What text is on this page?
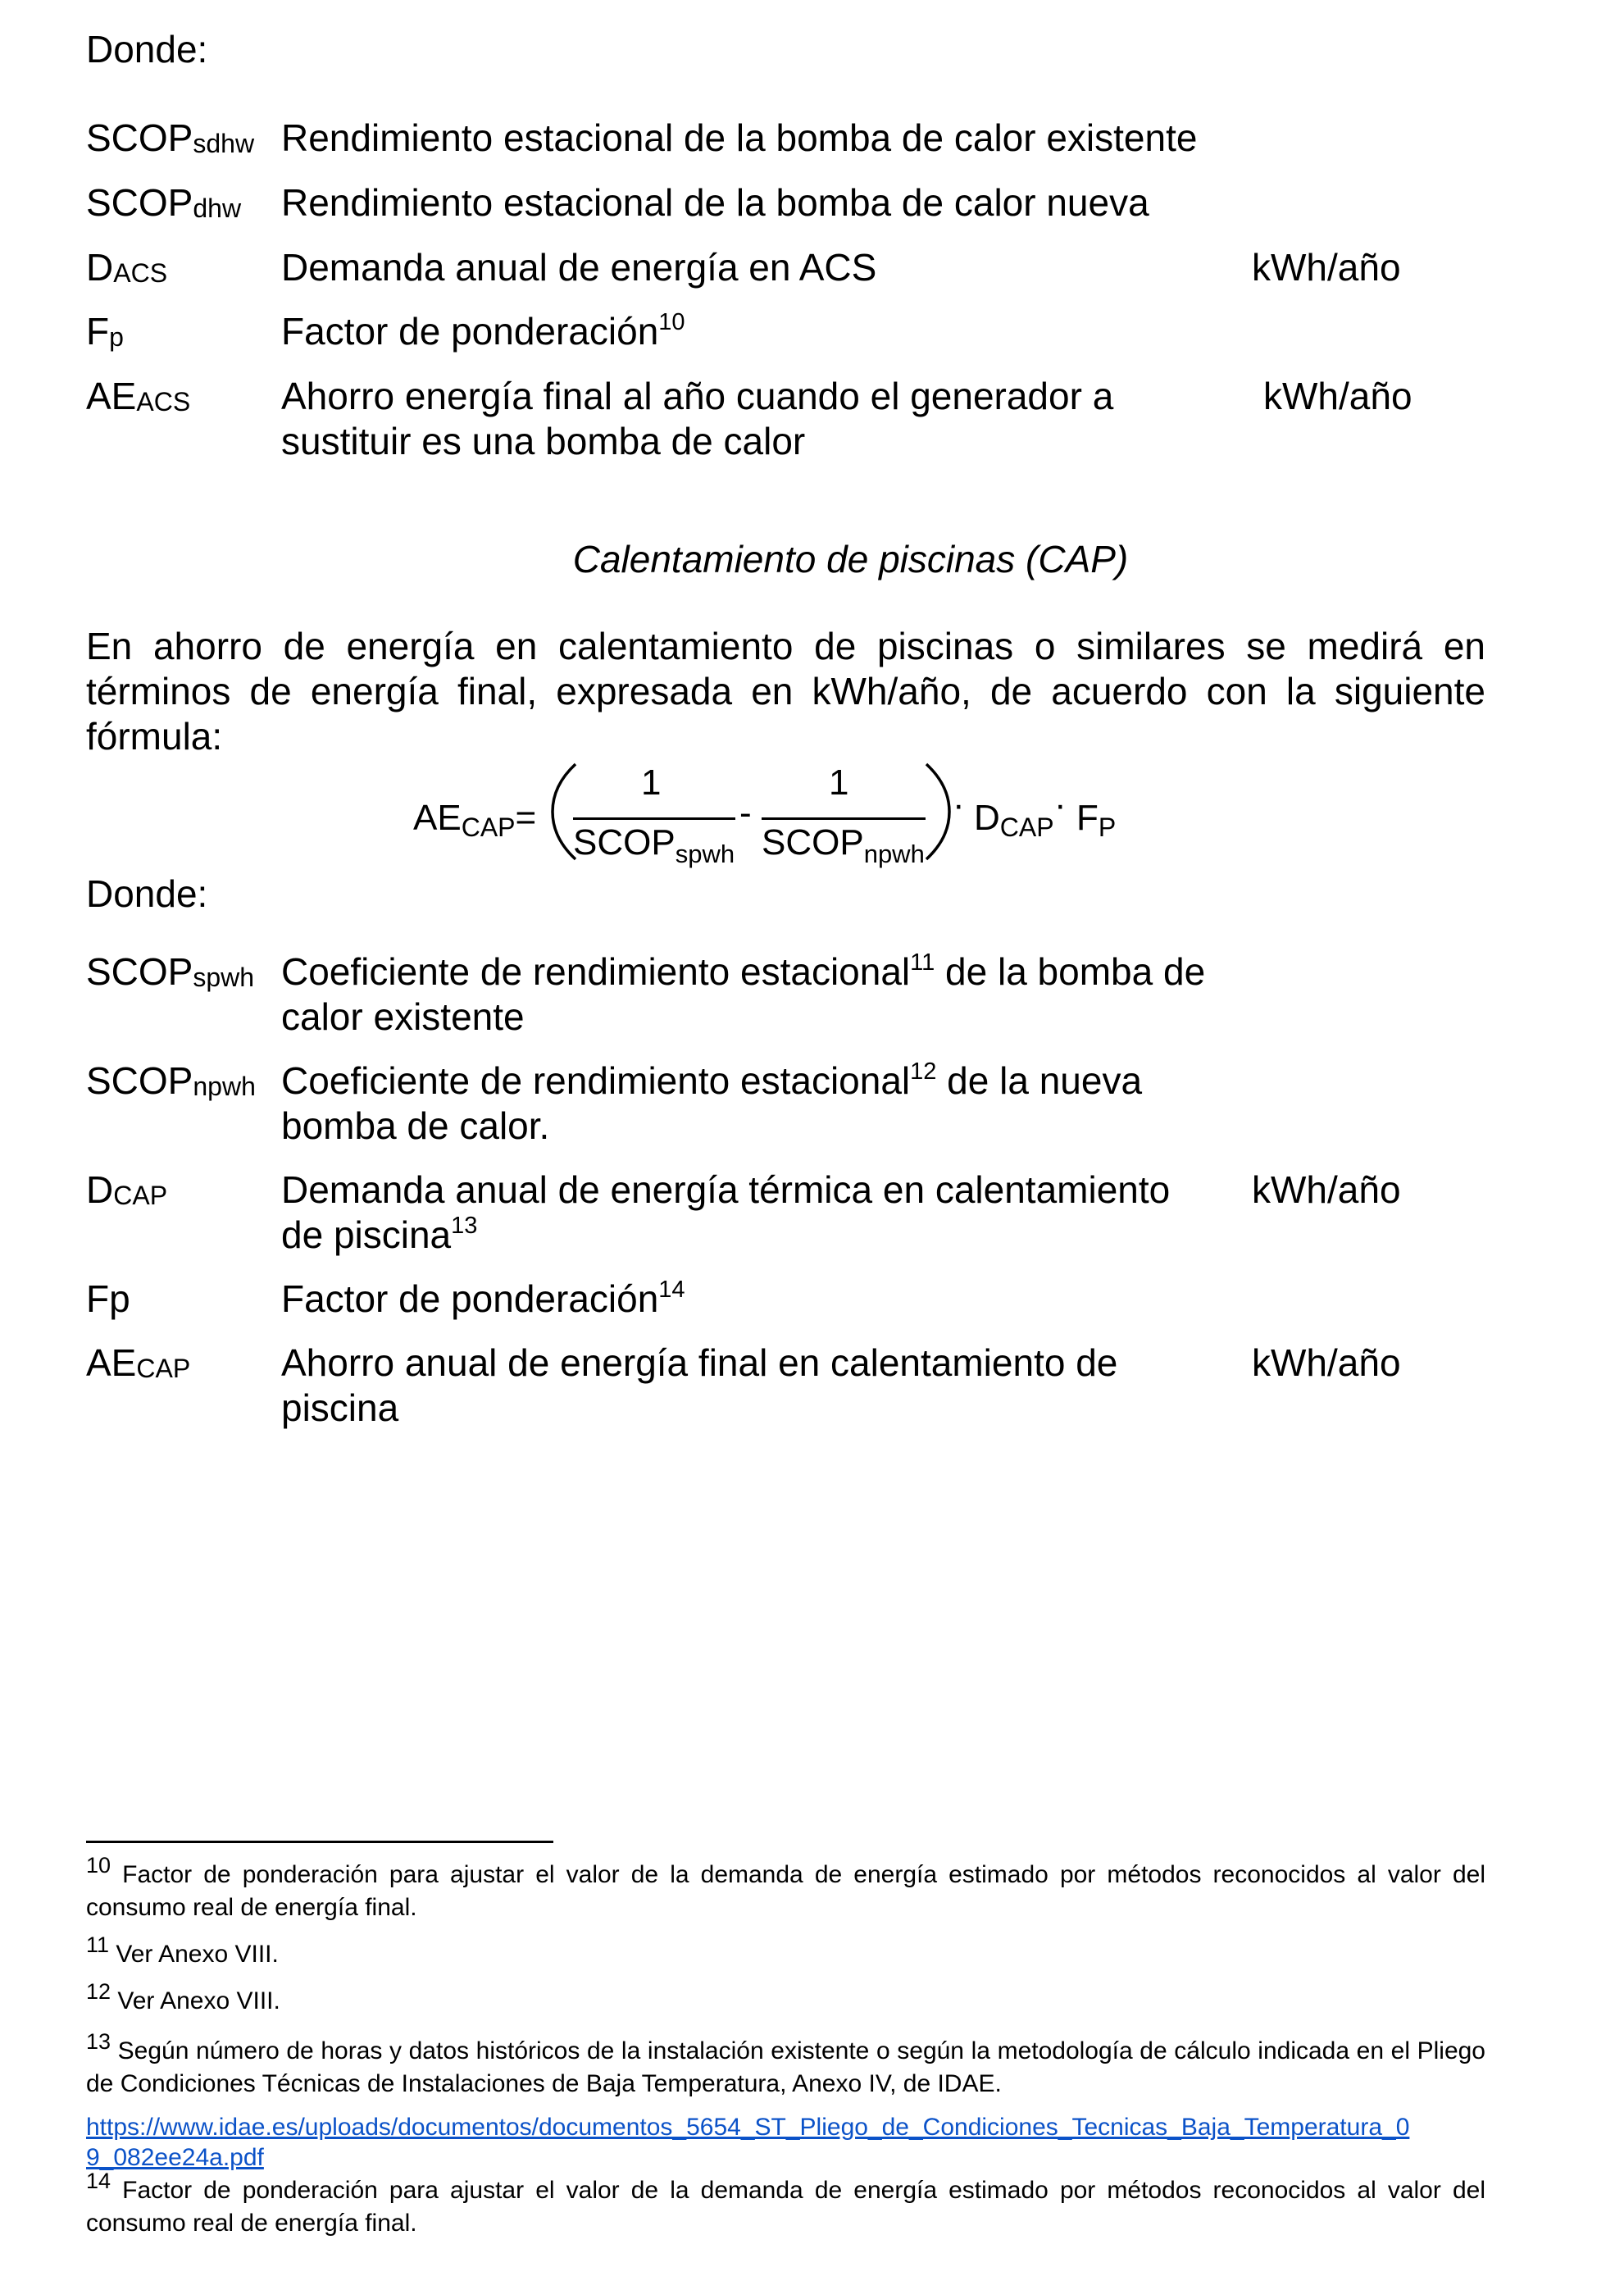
Donde:
$SCOP_{sdhw}$ Rendimiento estacional de la bomba de calor existente
$SCOP_{dhw}$ Rendimiento estacional de la bomba de calor nueva
$D_{ACS}$	Demanda anual de energía en ACS	kWh/año
$F_p$	Factor de ponderación$^{10}$
$AE_{ACS}$ Ahorro energía final al año cuando el generador a
sustituir es una bomba de calor
kWh/año
Calentamiento de piscinas (CAP)
En ahorro de energía en calentamiento de piscinas o similares se medirá en términos de energía final, expresada en kWh/año, de acuerdo con la siguiente fórmula:
$AE_{CAP}=$
1
$SCOP_{spwh}$
-
1
$SCOP_{npwh}$
· $D_{CAP}$
· $F_P$
Donde:
$SCOP_{spwh}$ Coeficiente de rendimiento estacional$^{11}$ de la bomba de
calor existente
$SCOP_{npwh}$ Coeficiente de rendimiento estacional$^{12}$ de la nueva
bomba de calor.
$D_{CAP}$	Demanda anual de energía térmica en calentamiento
de piscina$^{13}$
kWh/año
Fp	Factor de ponderación$^{14}$
$AE_{CAP}$ Ahorro anual de energía final en calentamiento de
piscina
kWh/año
$^{10}$ Factor de ponderación para ajustar el valor de la demanda de energía estimado por métodos reconocidos al valor del consumo real de energía final.
$^{11}$ Ver Anexo VIII.
$^{12}$ Ver Anexo VIII.
$^{13}$ Según número de horas y datos históricos de la instalación existente o según la metodología de cálculo indicada en el Pliego de Condiciones Técnicas de Instalaciones de Baja Temperatura, Anexo IV, de IDAE.
https://www.idae.es/uploads/documentos/documentos_5654_ST_Pliego_de_Condiciones_Tecnicas_Baja_Temperatura_0
9_082ee24a.pdf
$^{14}$ Factor de ponderación para ajustar el valor de la demanda de energía estimado por métodos reconocidos al valor del consumo real de energía final.
